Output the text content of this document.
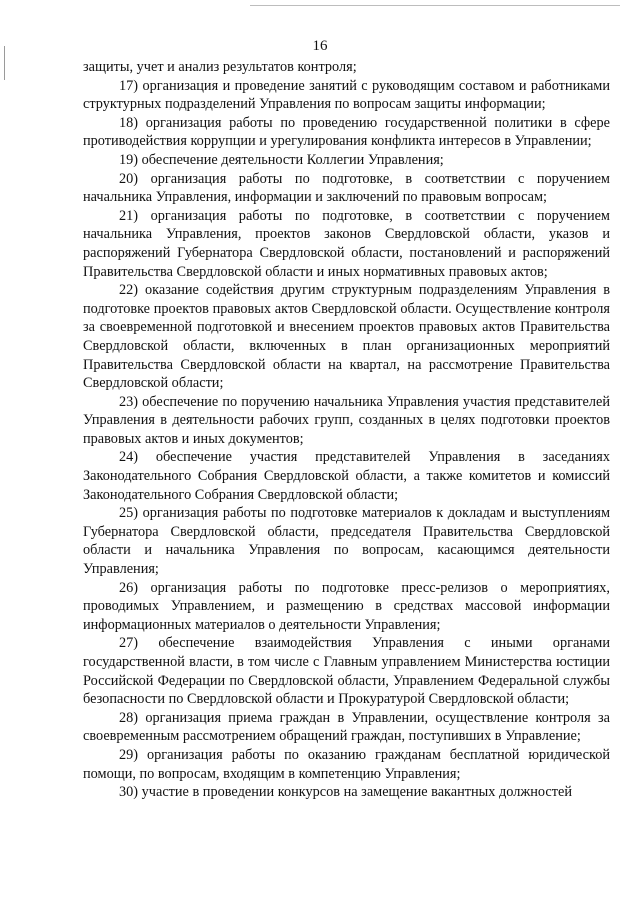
16

защиты, учет и анализ результатов контроля;

17) организация и проведение занятий с руководящим составом и работниками структурных подразделений Управления по вопросам защиты информации;

18) организация работы по проведению государственной политики в сфере противодействия коррупции и урегулирования конфликта интересов в Управлении;

19) обеспечение деятельности Коллегии Управления;

20) организация работы по подготовке, в соответствии с поручением начальника Управления, информации и заключений по правовым вопросам;

21) организация работы по подготовке, в соответствии с поручением начальника Управления, проектов законов Свердловской области, указов и распоряжений Губернатора Свердловской области, постановлений и распоряжений Правительства Свердловской области и иных нормативных правовых актов;

22) оказание содействия другим структурным подразделениям Управления в подготовке проектов правовых актов Свердловской области. Осуществление контроля за своевременной подготовкой и внесением проектов правовых актов Правительства Свердловской области, включенных в план организационных мероприятий Правительства Свердловской области на квартал, на рассмотрение Правительства Свердловской области;

23) обеспечение по поручению начальника Управления участия представителей Управления в деятельности рабочих групп, созданных в целях подготовки проектов правовых актов и иных документов;

24) обеспечение участия представителей Управления в заседаниях Законодательного Собрания Свердловской области, а также комитетов и комиссий Законодательного Собрания Свердловской области;

25) организация работы по подготовке материалов к докладам и выступлениям Губернатора Свердловской области, председателя Правительства Свердловской области и начальника Управления по вопросам, касающимся деятельности Управления;

26) организация работы по подготовке пресс-релизов о мероприятиях, проводимых Управлением, и размещению в средствах массовой информации информационных материалов о деятельности Управления;

27) обеспечение взаимодействия Управления с иными органами государственной власти, в том числе с Главным управлением Министерства юстиции Российской Федерации по Свердловской области, Управлением Федеральной службы безопасности по Свердловской области и Прокуратурой Свердловской области;

28) организация приема граждан в Управлении, осуществление контроля за своевременным рассмотрением обращений граждан, поступивших в Управление;

29) организация работы по оказанию гражданам бесплатной юридической помощи, по вопросам, входящим в компетенцию Управления;

30) участие в проведении конкурсов на замещение вакантных должностей
